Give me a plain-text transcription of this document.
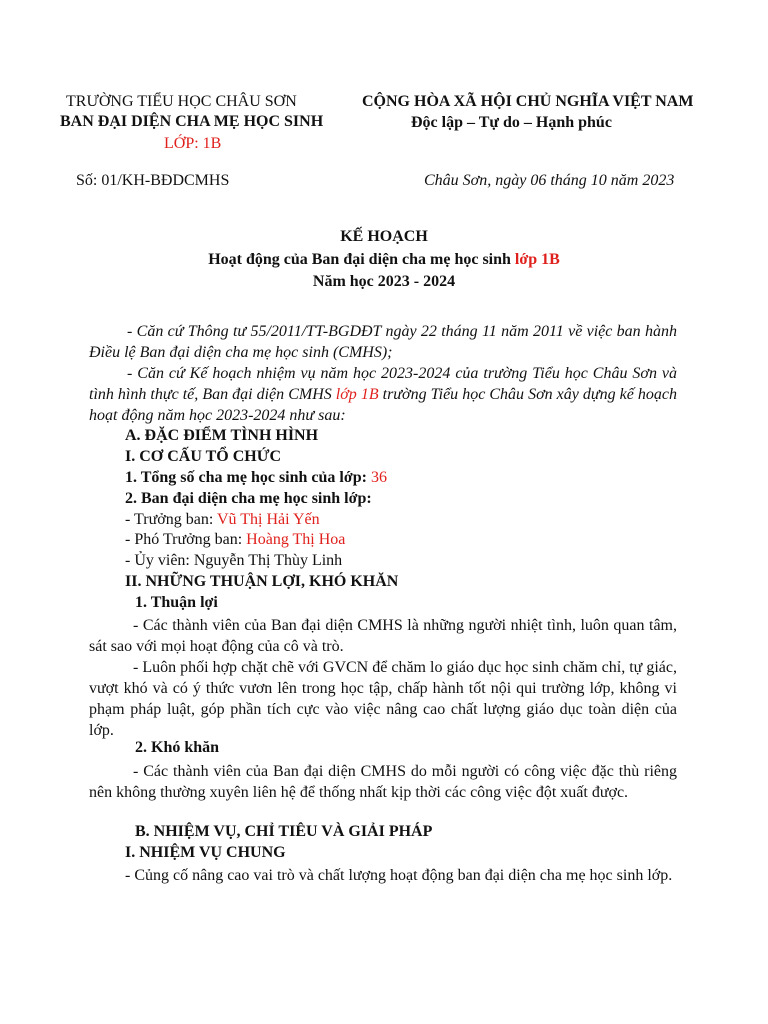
TRƯỜNG TIỂU HỌC CHÂU SƠN
BAN ĐẠI DIỆN CHA MẸ HỌC SINH
LỚP: 1B
Số: 01/KH-BĐDCMHS
CỘNG HÒA XÃ HỘI CHỦ NGHĨA VIỆT NAM
Độc lập – Tự do – Hạnh phúc
Châu Sơn, ngày 06 tháng 10 năm 2023
KẾ HOẠCH
Hoạt động của Ban đại diện cha mẹ học sinh lớp 1B
Năm học 2023 - 2024
- Căn cứ Thông tư 55/2011/TT-BGDĐT ngày 22 tháng 11 năm 2011 về việc ban hành Điều lệ Ban đại diện cha mẹ học sinh (CMHS);
- Căn cứ Kế hoạch nhiệm vụ năm học 2023-2024 của trường Tiểu học Châu Sơn và tình hình thực tế, Ban đại diện CMHS lớp 1B trường Tiểu học Châu Sơn xây dựng kế hoạch hoạt động năm học 2023-2024 như sau:
A. ĐẶC ĐIỂM TÌNH HÌNH
I. CƠ CẤU TỔ CHỨC
1. Tổng số cha mẹ học sinh của lớp: 36
2. Ban đại diện cha mẹ học sinh lớp:
- Trưởng ban: Vũ Thị Hải Yến
- Phó Trưởng ban: Hoàng Thị Hoa
- Ủy viên: Nguyễn Thị Thùy Linh
II. NHỮNG THUẬN LỢI, KHÓ KHĂN
1. Thuận lợi
- Các thành viên của Ban đại diện CMHS là những người nhiệt tình, luôn quan tâm, sát sao với mọi hoạt động của cô và trò.
- Luôn phối hợp chặt chẽ với GVCN để chăm lo giáo dục học sinh chăm chỉ, tự giác, vượt khó và có ý thức vươn lên trong học tập, chấp hành tốt nội qui trường lớp, không vi phạm pháp luật, góp phần tích cực vào việc nâng cao chất lượng giáo dục toàn diện của lớp.
2. Khó khăn
- Các thành viên của Ban đại diện CMHS do mỗi người có công việc đặc thù riêng nên không thường xuyên liên hệ để thống nhất kịp thời các công việc đột xuất được.
B. NHIỆM VỤ, CHỈ TIÊU VÀ GIẢI PHÁP
I. NHIỆM VỤ CHUNG
- Củng cố nâng cao vai trò và chất lượng hoạt động ban đại diện cha mẹ học sinh lớp.
